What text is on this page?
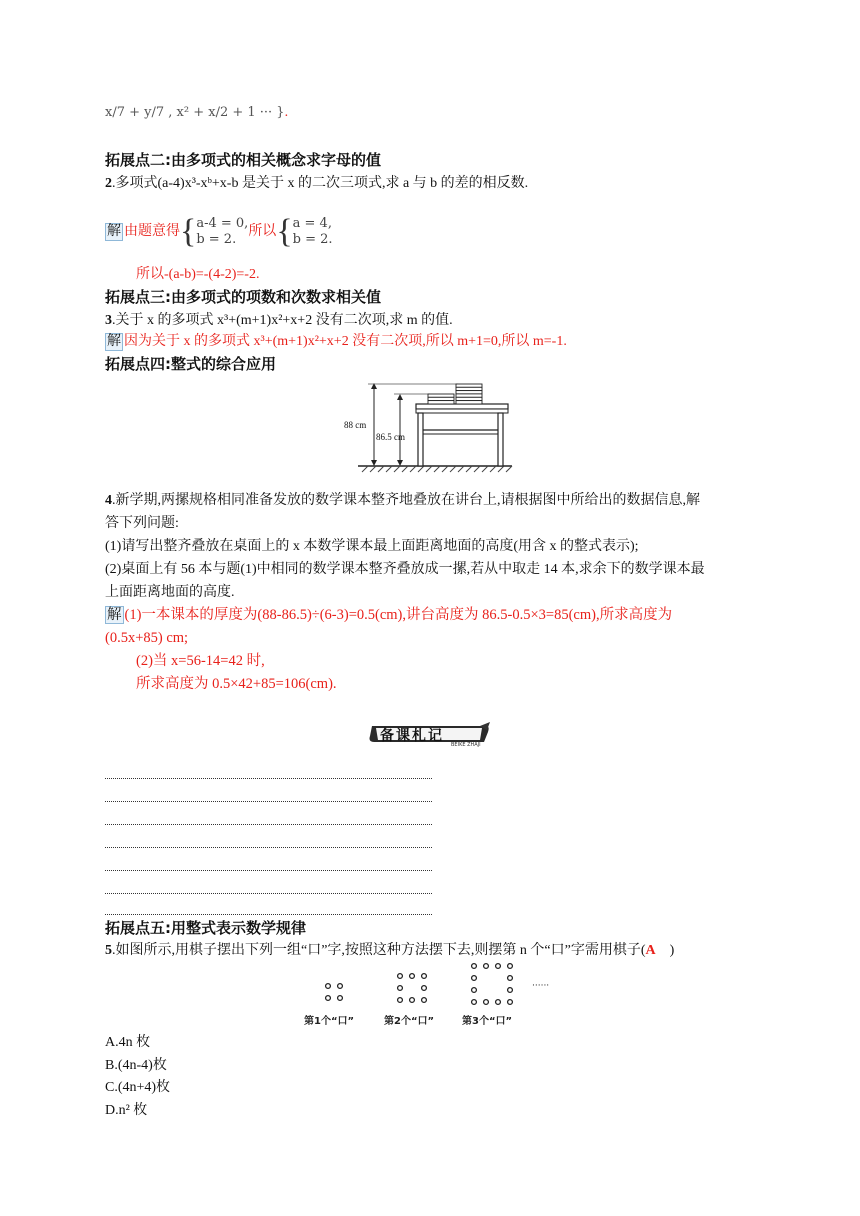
x/7 + y/7 , x² + x/2 + 1 ··· }.
拓展点二:由多项式的相关概念求字母的值
2.多项式(a-4)x³-xᵇ+x-b 是关于 x 的二次三项式,求 a 与 b 的差的相反数.
解 由题意得 { a-4 = 0,
b = 2.
所以 { a = 4,
b = 2.
所以-(a-b)=-(4-2)=-2.
拓展点三:由多项式的项数和次数求相关值
3.关于 x 的多项式 x³+(m+1)x²+x+2 没有二次项,求 m 的值.
解 因为关于 x 的多项式 x³+(m+1)x²+x+2 没有二次项,所以 m+1=0,所以 m=-1.
拓展点四:整式的综合应用
88 cm
86.5 cm
4.新学期,两摞规格相同准备发放的数学课本整齐地叠放在讲台上,请根据图中所给出的数据信息,解
答下列问题:
(1)请写出整齐叠放在桌面上的 x 本数学课本最上面距离地面的高度(用含 x 的整式表示);
(2)桌面上有 56 本与题(1)中相同的数学课本整齐叠放成一摞,若从中取走 14 本,求余下的数学课本最
上面距离地面的高度.
解 (1)一本课本的厚度为(88-86.5)÷(6-3)=0.5(cm),讲台高度为 86.5-0.5×3=85(cm),所求高度为
(0.5x+85) cm;
(2)当 x=56-14=42 时,
所求高度为 0.5×42+85=106(cm).
备课札记
BEIKE ZHAJI
拓展点五:用整式表示数学规律
5.如图所示,用棋子摆出下列一组“口”字,按照这种方法摆下去,则摆第 n 个“口”字需用棋子(A    )
······
第1个“口”	第2个“口”	第3个“口”
A.4n 枚
B.(4n-4)枚
C.(4n+4)枚
D.n² 枚
